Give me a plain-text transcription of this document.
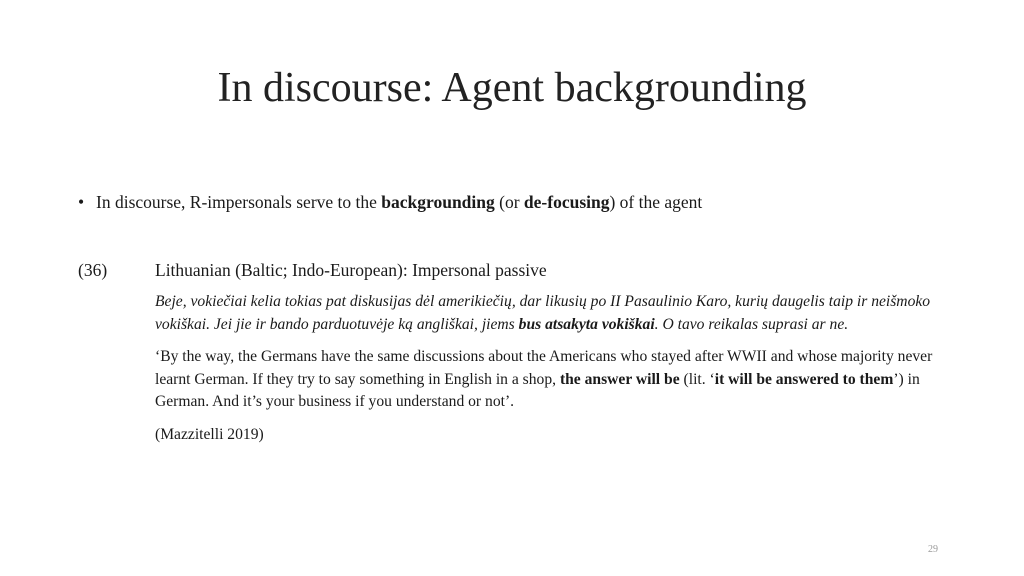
In discourse: Agent backgrounding
• In discourse, R-impersonals serve to the backgrounding (or de-focusing) of the agent
(36)	Lithuanian (Baltic; Indo-European): Impersonal passive

Beje, vokiečiai kelia tokias pat diskusijas dėl amerikiečių, dar likusių po II Pasaulinio Karo, kurių daugelis taip ir neišmoko vokiškai. Jei jie ir bando parduotuvėje ką angliškai, jiems bus atsakyta vokiškai. O tavo reikalas suprasi ar ne.

‘By the way, the Germans have the same discussions about the Americans who stayed after WWII and whose majority never learnt German. If they try to say something in English in a shop, the answer will be (lit. ‘it will be answered to them’) in German. And it’s your business if you understand or not’.

(Mazzitelli 2019)

29
